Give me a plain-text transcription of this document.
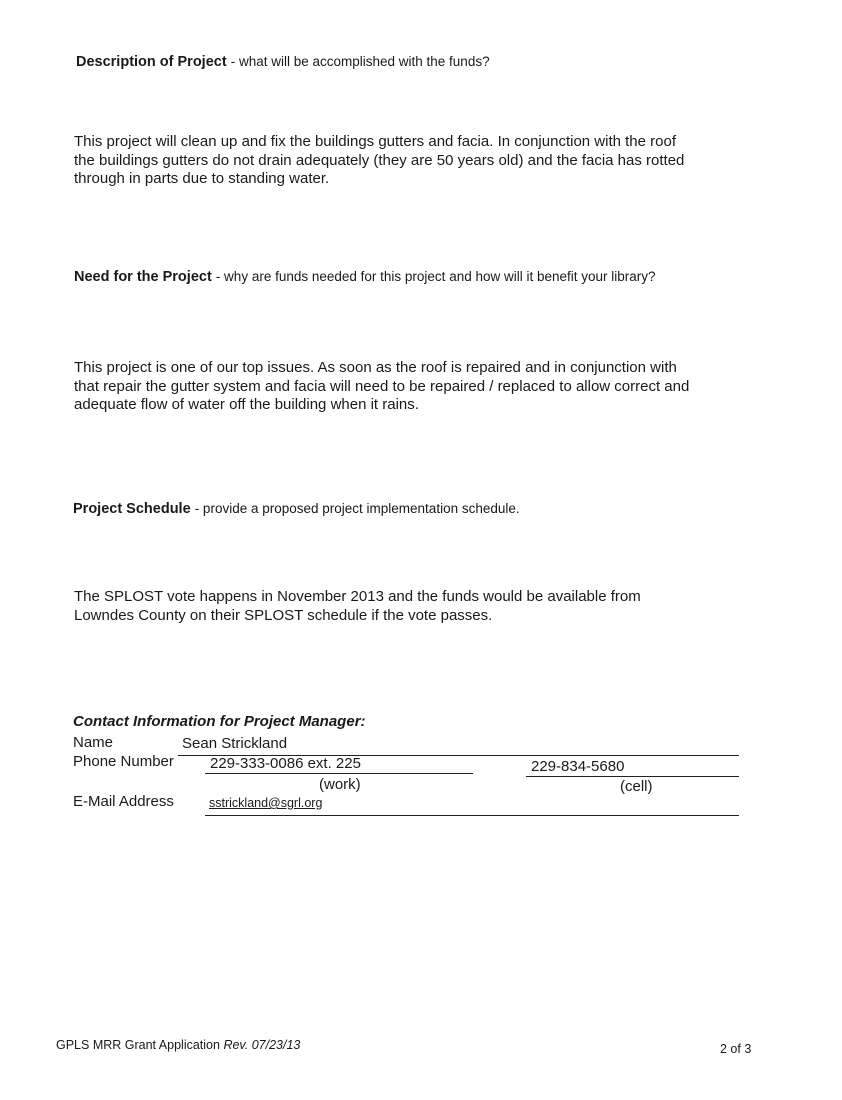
Description of Project - what will be accomplished with the funds?
This project will clean up and fix the buildings gutters and facia. In conjunction with the roof
the buildings gutters do not drain adequately (they are 50 years old) and the facia has rotted
through in parts due to standing water.
Need for the Project - why are funds needed for this project and how will it benefit your library?
This project is one of our top issues. As soon as the roof is repaired and in conjunction with
that repair the gutter system and facia will need to be repaired / replaced to allow correct and
adequate flow of water off the building when it rains.
Project Schedule - provide a proposed project implementation schedule.
The SPLOST vote happens in November 2013 and the funds would be available from
Lowndes County on their SPLOST schedule if the vote passes.
Contact Information for Project Manager:
Name	Sean Strickland
Phone Number 229-333-0086 ext. 225	229-834-5680
(work)	(cell)
E-Mail Address	sstrickland@sgrl.org
GPLS MRR Grant Application Rev. 07/23/13	2 of 3
